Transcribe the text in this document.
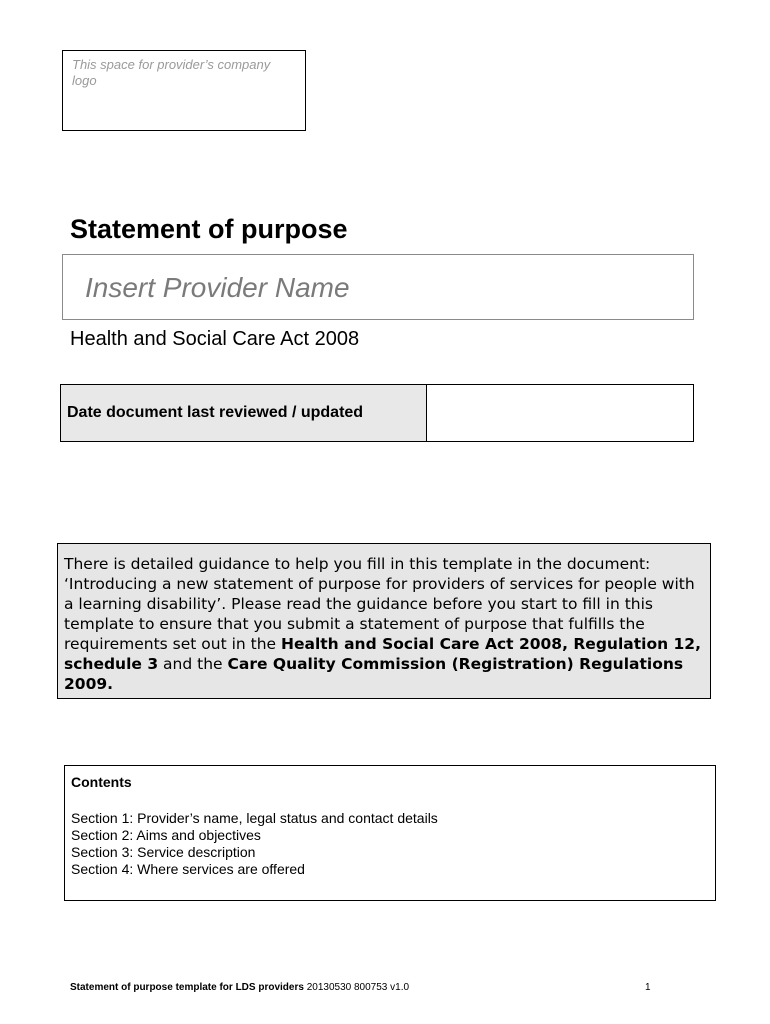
This space for provider’s company logo
Statement of purpose
Insert Provider Name
Health and Social Care Act 2008
Date document last reviewed / updated
There is detailed guidance to help you fill in this template in the document: ‘Introducing a new statement of purpose for providers of services for people with a learning disability’. Please read the guidance before you start to fill in this template to ensure that you submit a statement of purpose that fulfills the requirements set out in the Health and Social Care Act 2008, Regulation 12, schedule 3 and the Care Quality Commission (Registration) Regulations 2009.
Contents
Section 1: Provider’s name, legal status and contact details
Section 2: Aims and objectives
Section 3: Service description
Section 4: Where services are offered
Statement of purpose template for LDS providers 20130530 800753 v1.0	1
